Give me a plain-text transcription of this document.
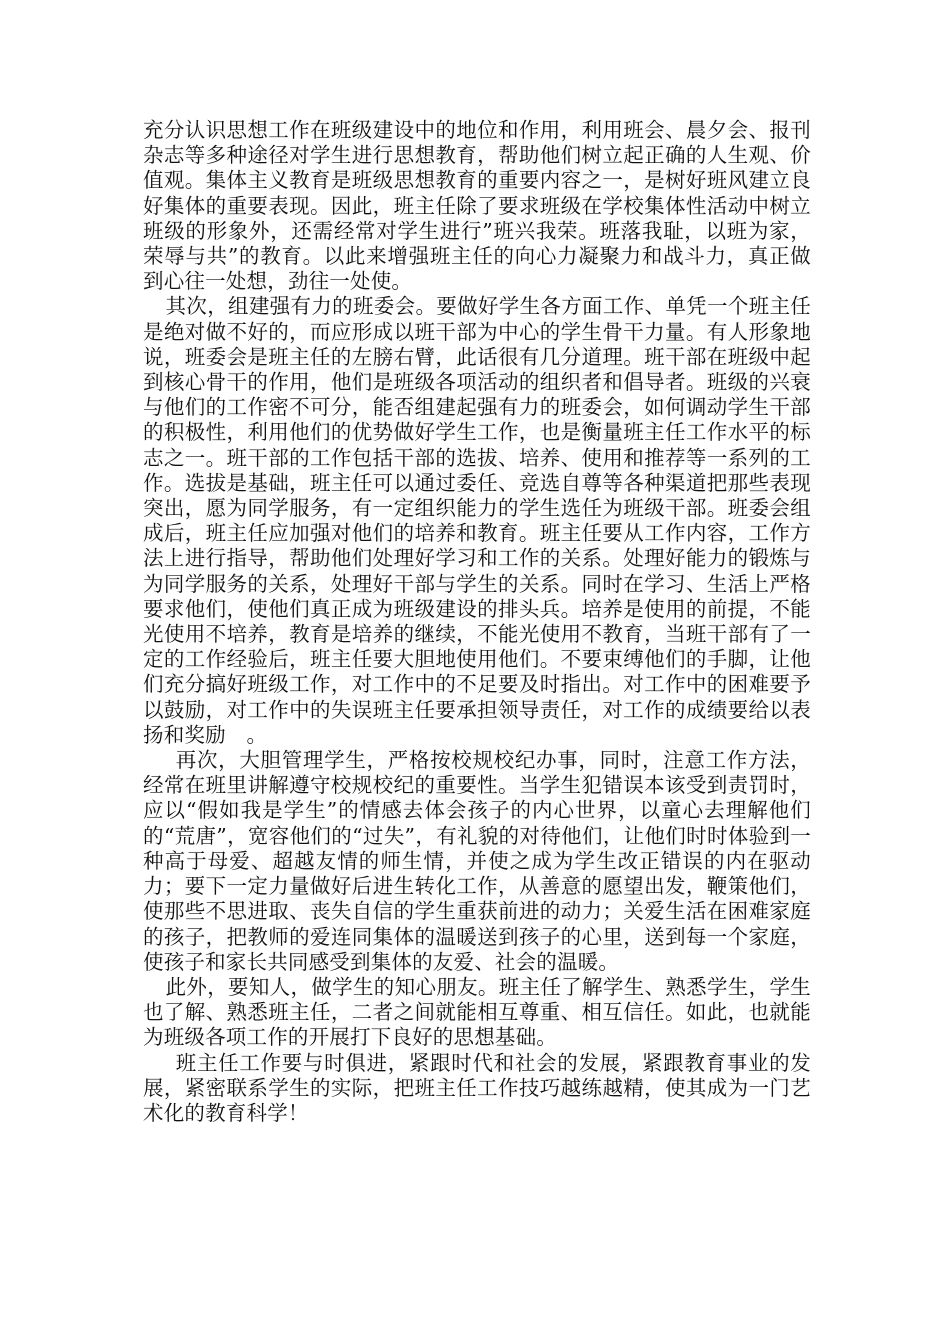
充分认识思想工作在班级建设中的地位和作用，利用班会、晨夕会、报刊杂志等多种途径对学生进行思想教育，帮助他们树立起正确的人生观、价值观。集体主义教育是班级思想教育的重要内容之一，是树好班风建立良好集体的重要表现。因此，班主任除了要求班级在学校集体性活动中树立班级的形象外，还需经常对学生进行”班兴我荣。班落我耻，以班为家，荣辱与共”的教育。以此来增强班主任的向心力凝聚力和战斗力，真正做到心往一处想，劲往一处使。

其次，组建强有力的班委会。要做好学生各方面工作、单凭一个班主任是绝对做不好的，而应形成以班干部为中心的学生骨干力量。有人形象地说，班委会是班主任的左膀右臂，此话很有几分道理。班干部在班级中起到核心骨干的作用，他们是班级各项活动的组织者和倡导者。班级的兴衰与他们的工作密不可分，能否组建起强有力的班委会，如何调动学生干部的积极性，利用他们的优势做好学生工作，也是衡量班主任工作水平的标志之一。班干部的工作包括干部的选拔、培养、使用和推荐等一系列的工作。选拔是基础，班主任可以通过委任、竞选自尊等各种渠道把那些表现突出，愿为同学服务，有一定组织能力的学生选任为班级干部。班委会组成后，班主任应加强对他们的培养和教育。班主任要从工作内容，工作方法上进行指导，帮助他们处理好学习和工作的关系。处理好能力的锻炼与为同学服务的关系，处理好干部与学生的关系。同时在学习、生活上严格要求他们，使他们真正成为班级建设的排头兵。培养是使用的前提，不能光使用不培养，教育是培养的继续，不能光使用不教育，当班干部有了一定的工作经验后，班主任要大胆地使用他们。不要束缚他们的手脚，让他们充分搞好班级工作，对工作中的不足要及时指出。对工作中的困难要予以鼓励，对工作中的失误班主任要承担领导责任，对工作的成绩要给以表扬和奖励　。

再次，大胆管理学生，严格按校规校纪办事，同时，注意工作方法，经常在班里讲解遵守校规校纪的重要性。当学生犯错误本该受到责罚时，应以“假如我是学生”的情感去体会孩子的内心世界，以童心去理解他们的“荒唐”，宽容他们的“过失”，有礼貌的对待他们，让他们时时体验到一种高于母爱、超越友情的师生情，并使之成为学生改正错误的内在驱动力；要下一定力量做好后进生转化工作，从善意的愿望出发，鞭策他们，使那些不思进取、丧失自信的学生重获前进的动力；关爱生活在困难家庭的孩子，把教师的爱连同集体的温暖送到孩子的心里，送到每一个家庭，使孩子和家长共同感受到集体的友爱、社会的温暖。

此外，要知人，做学生的知心朋友。班主任了解学生、熟悉学生，学生也了解、熟悉班主任，二者之间就能相互尊重、相互信任。如此，也就能为班级各项工作的开展打下良好的思想基础。

班主任工作要与时俱进，紧跟时代和社会的发展，紧跟教育事业的发展，紧密联系学生的实际，把班主任工作技巧越练越精，使其成为一门艺术化的教育科学！
